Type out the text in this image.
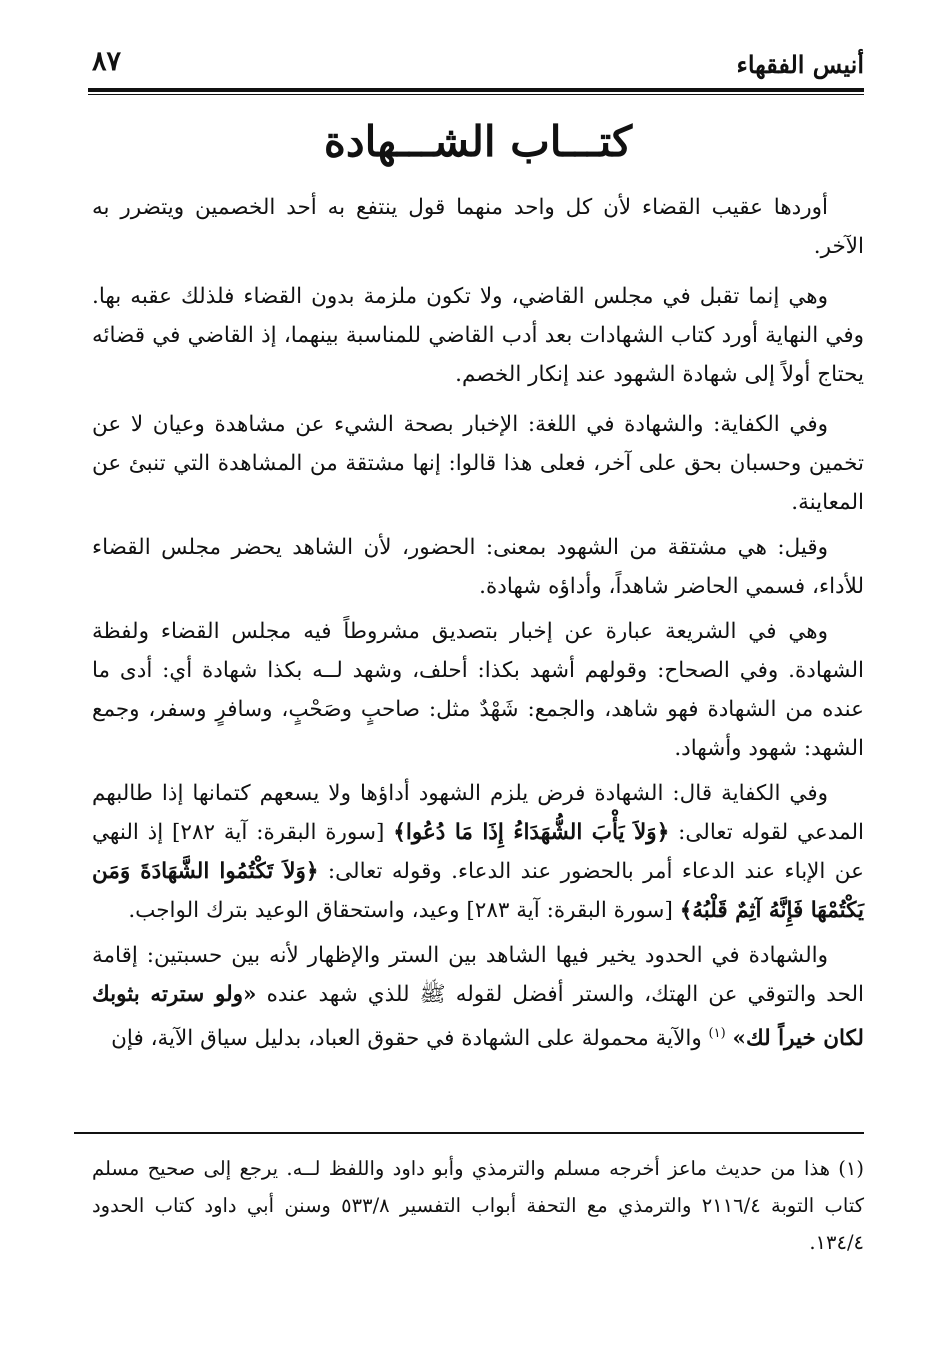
أنيس الفقهاء
٨٧
كتـــاب الشـــهادة

أوردها عقيب القضاء لأن كل واحد منهما قول ينتفع به أحد الخصمين ويتضرر به الآخر.

وهي إنما تقبل في مجلس القاضي، ولا تكون ملزمة بدون القضاء فلذلك عقبه بها. وفي النهاية أورد كتاب الشهادات بعد أدب القاضي للمناسبة بينهما، إذ القاضي في قضائه يحتاج أولاً إلى شهادة الشهود عند إنكار الخصم.

وفي الكفاية: والشهادة في اللغة: الإخبار بصحة الشيء عن مشاهدة وعيان لا عن تخمين وحسبان بحق على آخر، فعلى هذا قالوا: إنها مشتقة من المشاهدة التي تنبئ عن المعاينة.

وقيل: هي مشتقة من الشهود بمعنى: الحضور، لأن الشاهد يحضر مجلس القضاء للأداء، فسمي الحاضر شاهداً، وأداؤه شهادة.

وهي في الشريعة عبارة عن إخبار بتصديق مشروطاً فيه مجلس القضاء ولفظة الشهادة. وفي الصحاح: وقولهم أشهد بكذا: أحلف، وشهد لــه بكذا شهادة أي: أدى ما عنده من الشهادة فهو شاهد، والجمع: شَهْدٌ مثل: صاحبٍ وصَحْبٍ، وسافرٍ وسفر، وجمع الشهد: شهود وأشهاد.

وفي الكفاية قال: الشهادة فرض يلزم الشهود أداؤها ولا يسعهم كتمانها إذا طالبهم المدعي لقوله تعالى: ﴿وَلاَ يَأْبَ الشُّهَدَاءُ إِذَا مَا دُعُوا﴾ [سورة البقرة: آية ٢٨٢] إذ النهي عن الإباء عند الدعاء أمر بالحضور عند الدعاء. وقوله تعالى: ﴿وَلاَ تَكْتُمُوا الشَّهَادَةَ وَمَن يَكْتُمْهَا فَإِنَّهُ آثِمٌ قَلْبُهُ﴾ [سورة البقرة: آية ٢٨٣] وعيد، واستحقاق الوعيد بترك الواجب.

والشهادة في الحدود يخير فيها الشاهد بين الستر والإظهار لأنه بين حسبتين: إقامة الحد والتوقي عن الهتك، والستر أفضل لقوله ﷺ للذي شهد عنده «ولو سترته بثوبك لكان خيراً لك» $^{(١)}$ والآية محمولة على الشهادة في حقوق العباد، بدليل سياق الآية، فإن

(١) هذا من حديث ماعز أخرجه مسلم والترمذي وأبو داود واللفظ لــه. يرجع إلى صحيح مسلم كتاب التوبة ٢١١٦/٤ والترمذي مع التحفة أبواب التفسير ٥٣٣/٨ وسنن أبي داود كتاب الحدود ١٣٤/٤.
